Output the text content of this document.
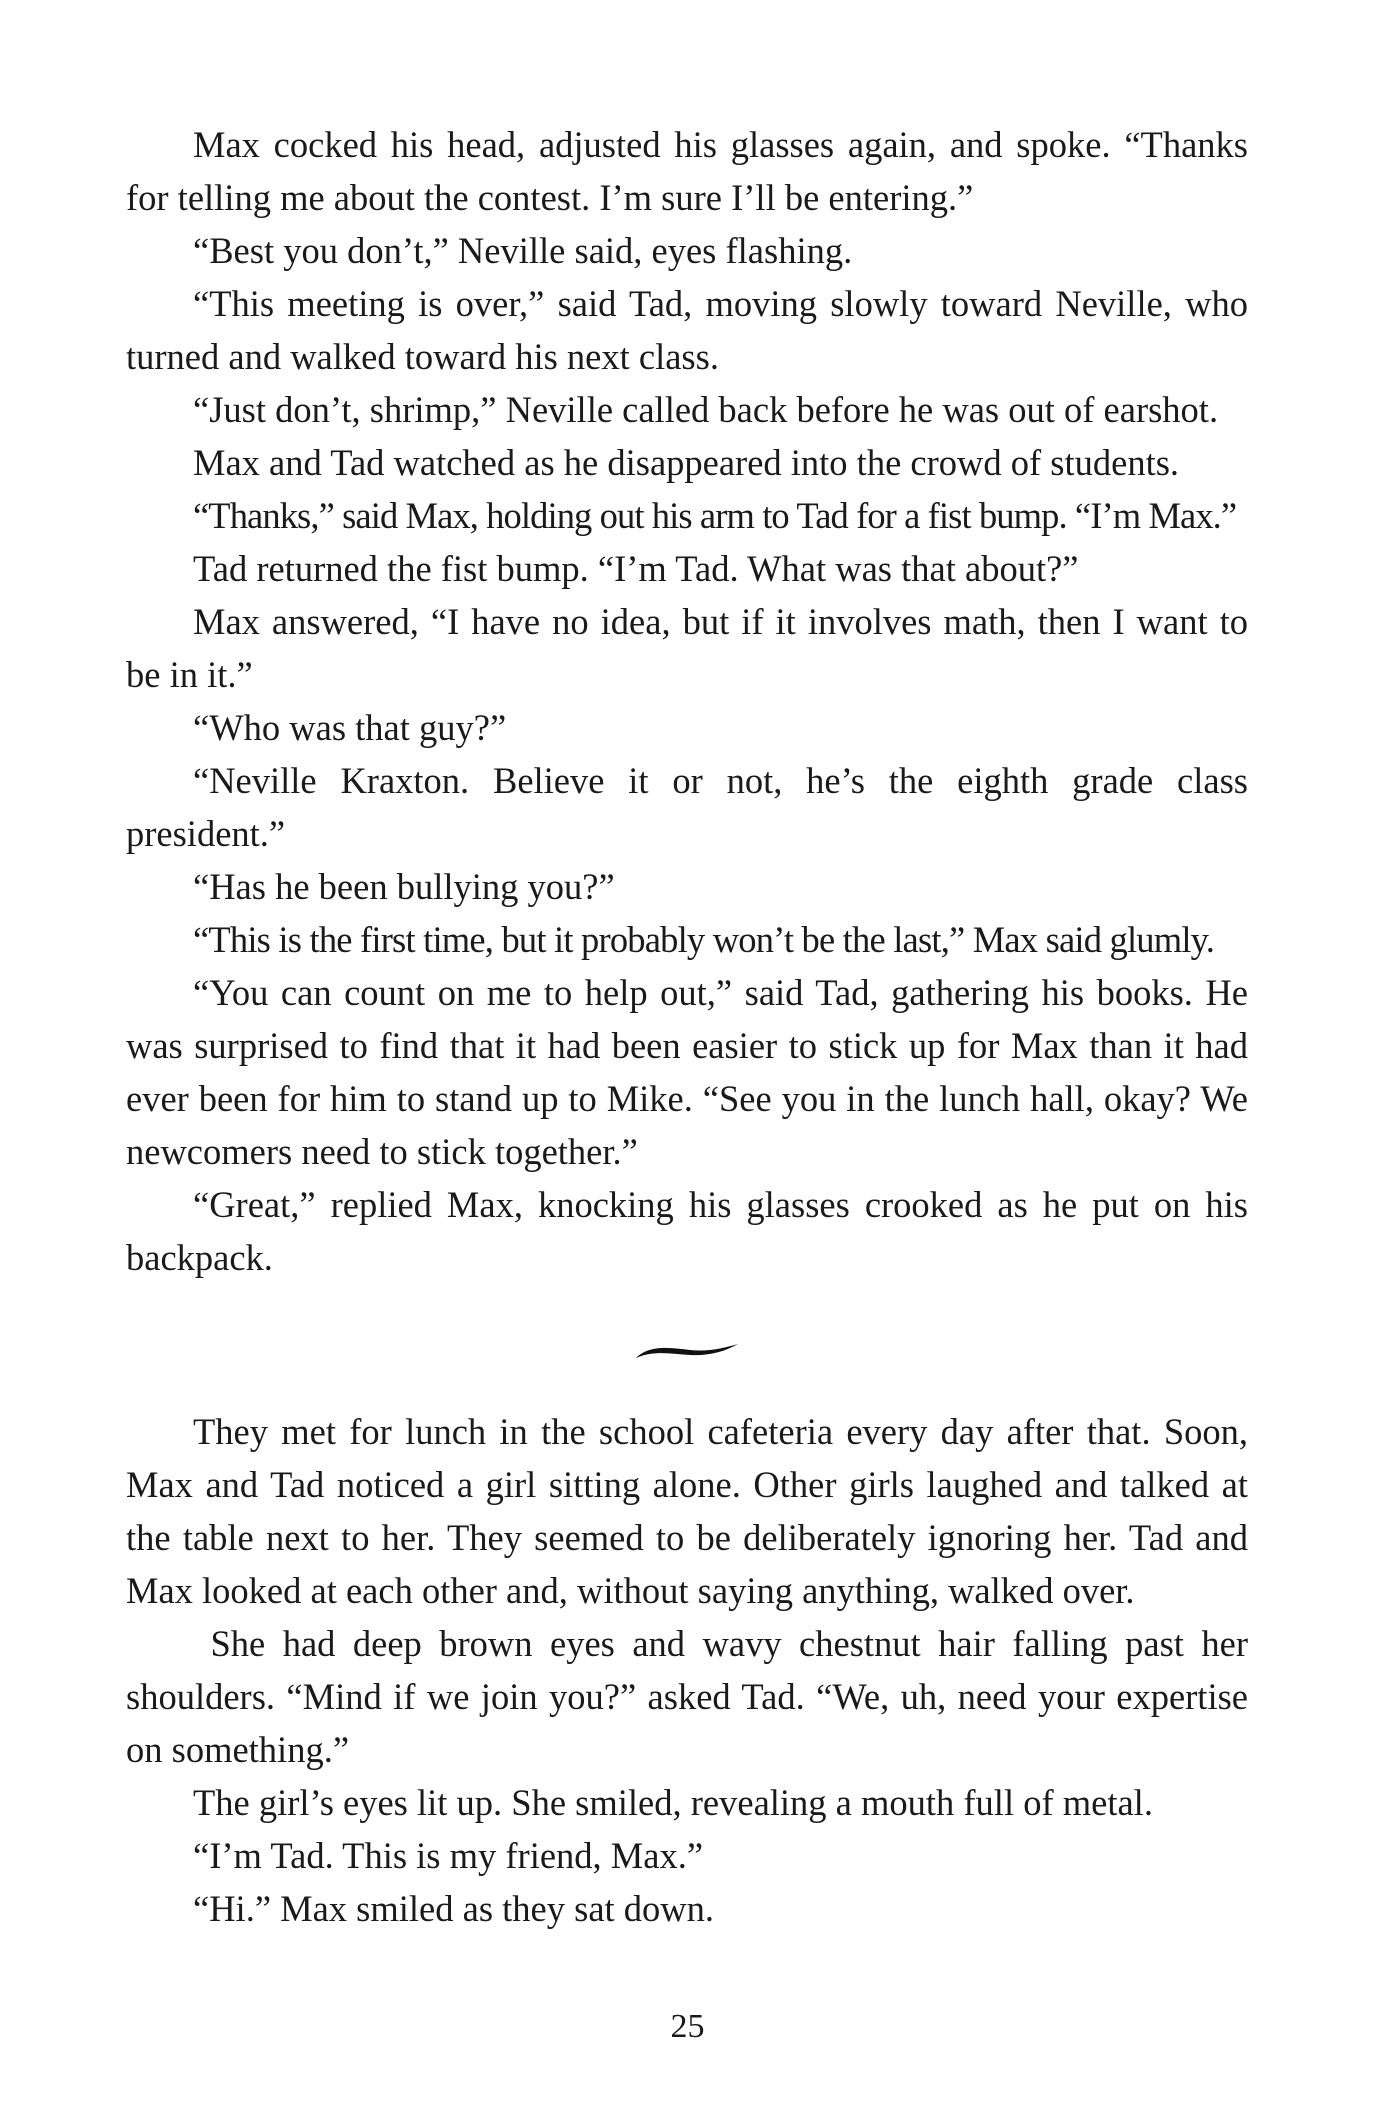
Max cocked his head, adjusted his glasses again, and spoke. “Thanks for telling me about the contest. I’m sure I’ll be entering.”

“Best you don’t,” Neville said, eyes flashing.

“This meeting is over,” said Tad, moving slowly toward Neville, who turned and walked toward his next class.

“Just don’t, shrimp,” Neville called back before he was out of earshot.

Max and Tad watched as he disappeared into the crowd of students.

“Thanks,” said Max, holding out his arm to Tad for a fist bump. “I’m Max.”

Tad returned the fist bump. “I’m Tad. What was that about?”

Max answered, “I have no idea, but if it involves math, then I want to be in it.”

“Who was that guy?”

“Neville Kraxton. Believe it or not, he’s the eighth grade class president.”

“Has he been bullying you?”

“This is the first time, but it probably won’t be the last,” Max said glumly.

“You can count on me to help out,” said Tad, gathering his books. He was surprised to find that it had been easier to stick up for Max than it had ever been for him to stand up to Mike. “See you in the lunch hall, okay? We newcomers need to stick together.”

“Great,” replied Max, knocking his glasses crooked as he put on his backpack.

They met for lunch in the school cafeteria every day after that. Soon, Max and Tad noticed a girl sitting alone. Other girls laughed and talked at the table next to her. They seemed to be deliberately ignoring her. Tad and Max looked at each other and, without saying anything, walked over.

She had deep brown eyes and wavy chestnut hair falling past her shoulders. “Mind if we join you?” asked Tad. “We, uh, need your expertise on something.”

The girl’s eyes lit up. She smiled, revealing a mouth full of metal.

“I’m Tad. This is my friend, Max.”

“Hi.” Max smiled as they sat down.

25
